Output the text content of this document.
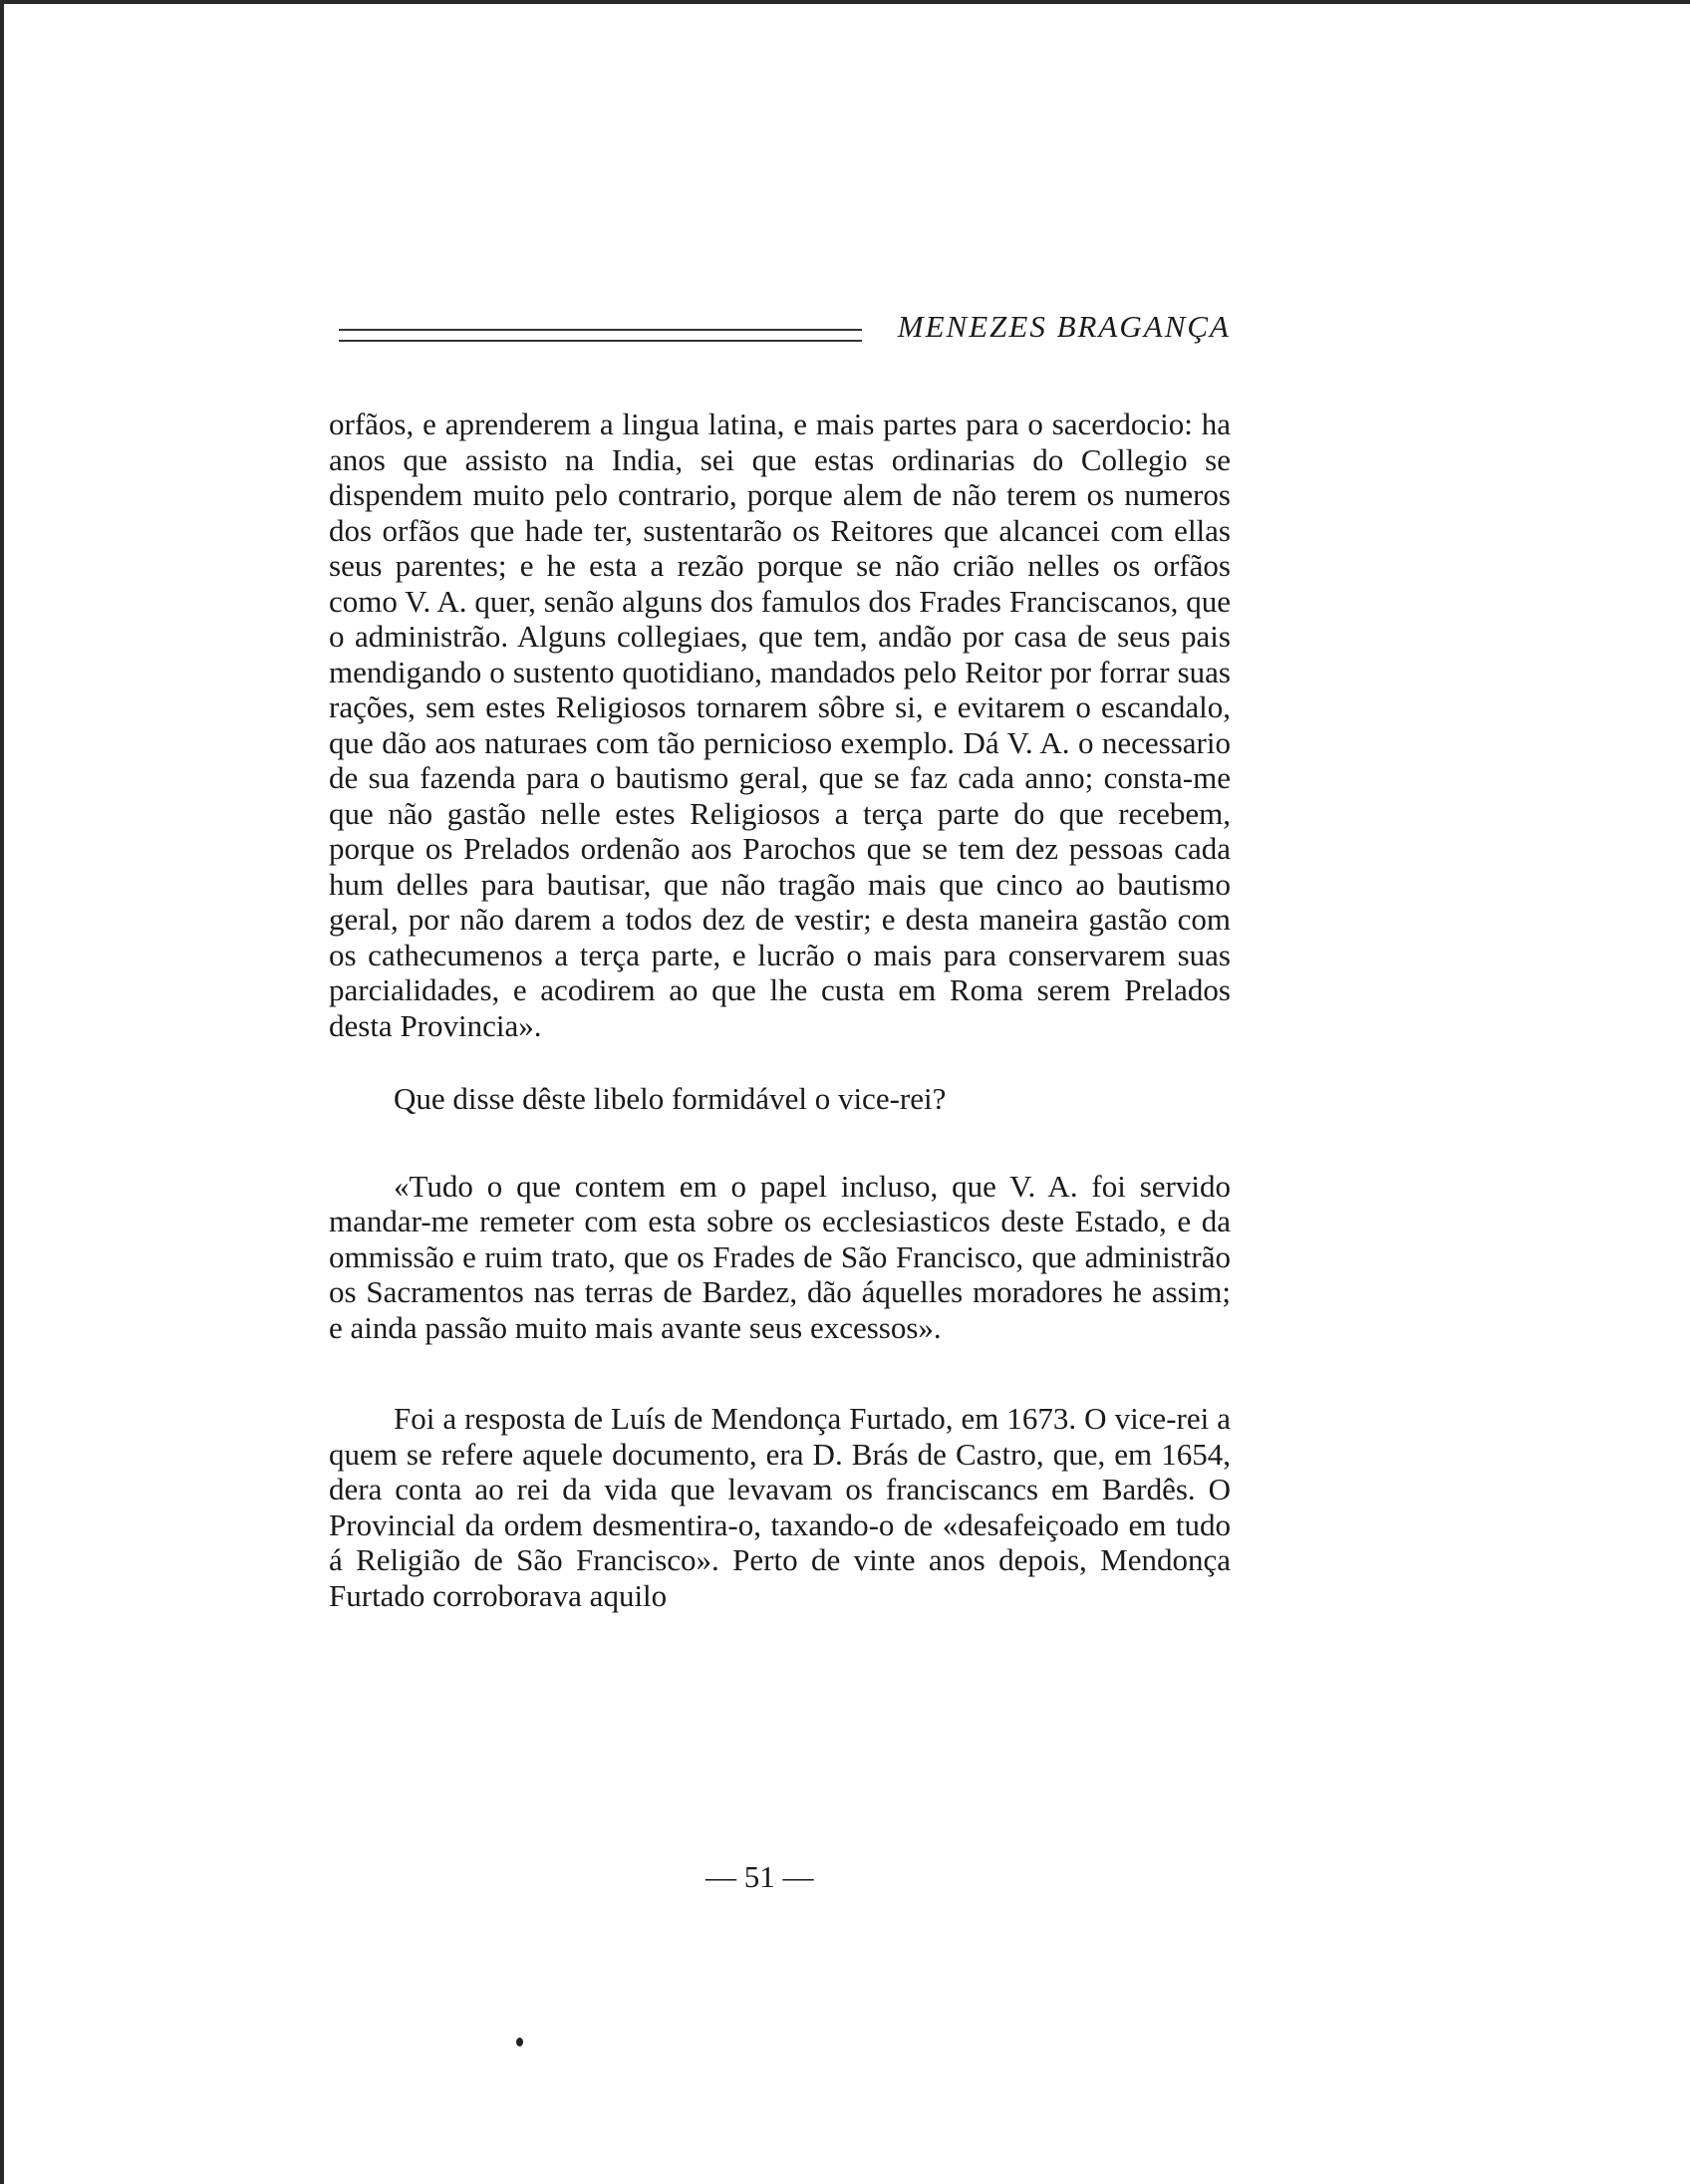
MENEZES BRAGANÇA

orfãos, e aprenderem a lingua latina, e mais partes para o sacerdocio: ha anos que assisto na India, sei que estas ordinarias do Collegio se dispendem muito pelo contrario, porque alem de não terem os numeros dos orfãos que hade ter, sustentarão os Reitores que alcancei com ellas seus parentes; e he esta a rezão porque se não crião nelles os orfãos como V. A. quer, senão alguns dos famulos dos Frades Franciscanos, que o administrão. Alguns collegiaes, que tem, andão por casa de seus pais mendigando o sustento quotidiano, mandados pelo Reitor por forrar suas rações, sem estes Religiosos tornarem sôbre si, e evitarem o escandalo, que dão aos naturaes com tão pernicioso exemplo. Dá V. A. o necessario de sua fazenda para o bautismo geral, que se faz cada anno; consta-me que não gastão nelle estes Religiosos a terça parte do que recebem, porque os Prelados ordenão aos Parochos que se tem dez pessoas cada hum delles para bautisar, que não tragão mais que cinco ao bautismo geral, por não darem a todos dez de vestir; e desta maneira gastão com os cathecumenos a terça parte, e lucrão o mais para conservarem suas parcialidades, e acodirem ao que lhe custa em Roma serem Prelados desta Provincia».

Que disse dêste libelo formidável o vice-rei?

«Tudo o que contem em o papel incluso, que V. A. foi servido mandar-me remeter com esta sobre os ecclesiasticos deste Estado, e da ommissão e ruim trato, que os Frades de São Francisco, que administrão os Sacramentos nas terras de Bardez, dão áquelles moradores he assim; e ainda passão muito mais avante seus excessos».

Foi a resposta de Luís de Mendonça Furtado, em 1673. O vice-rei a quem se refere aquele documento, era D. Brás de Castro, que, em 1654, dera conta ao rei da vida que levavam os franciscancs em Bardês. O Provincial da ordem desmentira-o, taxando-o de «desafeiçoado em tudo á Religião de São Francisco». Perto de vinte anos depois, Mendonça Furtado corroborava aquilo

— 51 —
